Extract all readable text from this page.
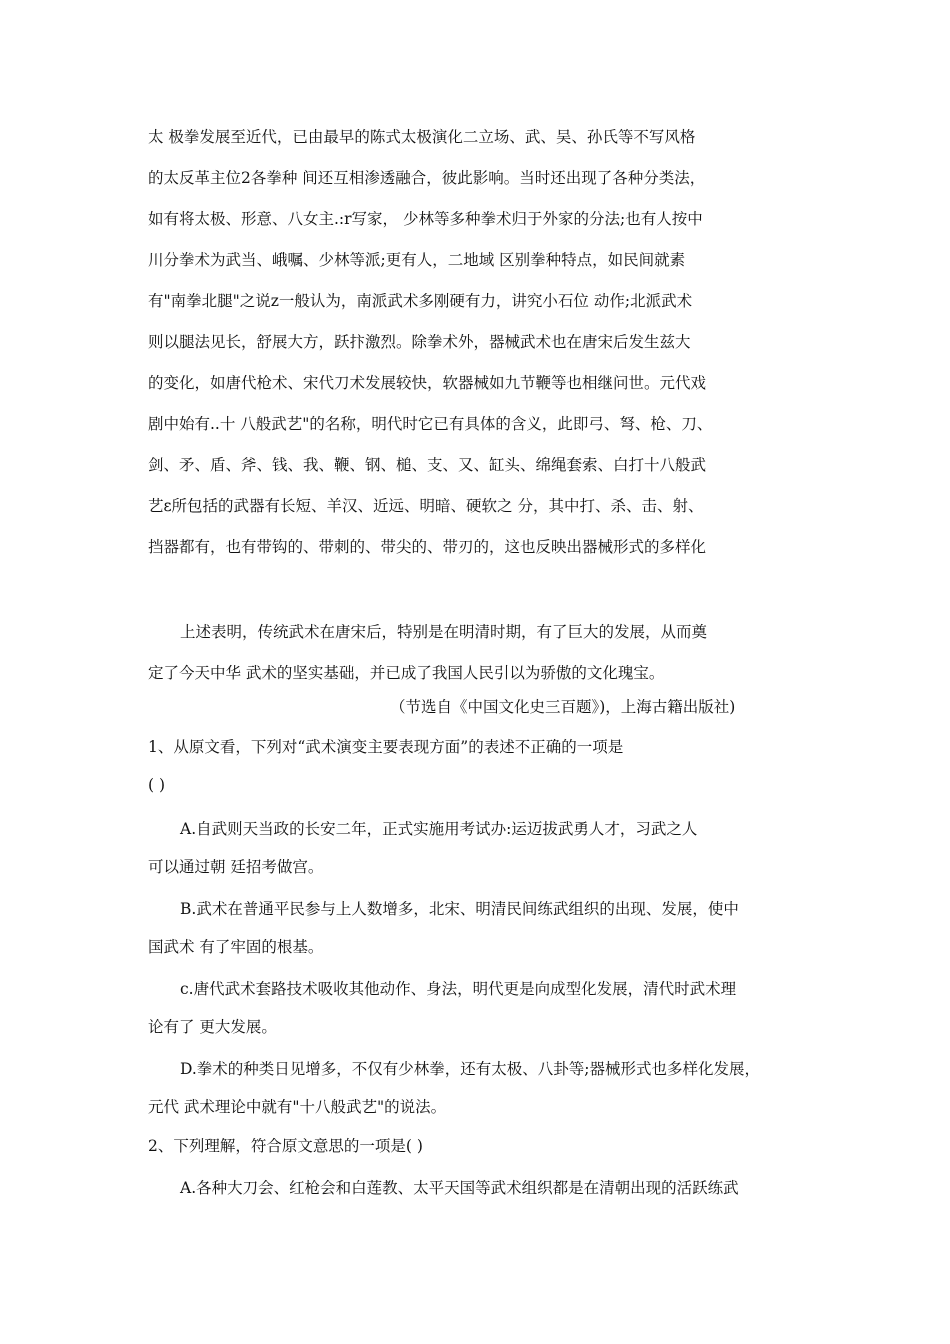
太 极拳发展至近代，已由最早的陈式太极演化二立场、武、吴、孙氏等不写风格
的太反革主位2各拳种 间还互相渗透融合，彼此影响。当时还出现了各种分类法，
如有将太极、形意、八女主.:r写家， 少林等多种拳术归于外家的分法;也有人按中
川分拳术为武当、峨嘱、少林等派;更有人，二地域 区别拳种特点，如民间就素
有"南拳北腿"之说z一般认为，南派武术多刚硬有力，讲究小石位 动作;北派武术
则以腿法见长，舒展大方，跃抃激烈。除拳术外，器械武术也在唐宋后发生兹大
的变化，如唐代枪术、宋代刀术发展较快，软器械如九节鞭等也相继问世。元代戏
剧中始有..十 八般武艺"的名称，明代时它已有具体的含义，此即弓、弩、枪、刀、
剑、矛、盾、斧、钱、我、鞭、钢、槌、支、又、缸头、绵绳套索、白打十八般武
艺ε所包括的武器有长短、羊汉、近远、明暗、硬软之 分，其中打、杀、击、射、
挡器都有，也有带钩的、带刺的、带尖的、带刃的，这也反映出器械形式的多样化
上述表明，传统武术在唐宋后，特别是在明清时期，有了巨大的发展，从而奠
定了今天中华 武术的坚实基础，并已成了我国人民引以为骄傲的文化瑰宝。
（节选自《中国文化史三百题》)，上海古籍出版社)
1、从原文看，下列对“武术演变主要表现方面”的表述不正确的一项是
( )
A.自武则天当政的长安二年，正式实施用考试办:运迈拔武勇人才，习武之人
可以通过朝 廷招考做宫。
B.武术在普通平民参与上人数增多，北宋、明清民间练武组织的出现、发展，使中
国武术 有了牢固的根基。
c.唐代武术套路技术吸收其他动作、身法，明代更是向成型化发展，清代时武术理
论有了 更大发展。
D.拳术的种类日见增多，不仅有少林拳，还有太极、八卦等;器械形式也多样化发展，
元代 武术理论中就有"十八般武艺"的说法。
2、下列理解，符合原文意思的一项是( )
A.各种大刀会、红枪会和白莲教、太平天国等武术组织都是在清朝出现的活跃练武
